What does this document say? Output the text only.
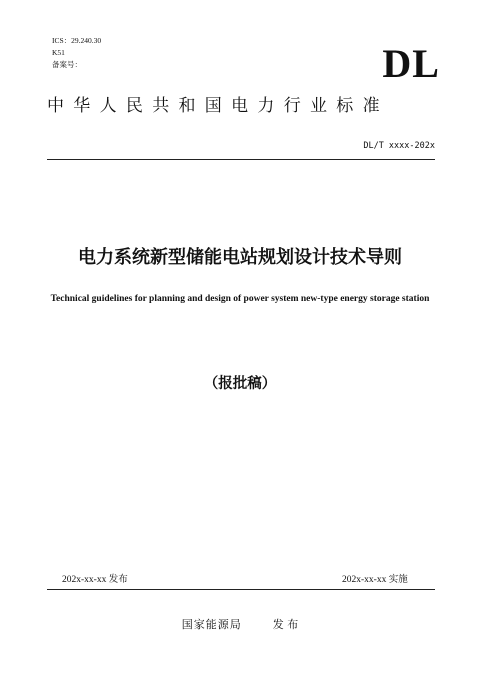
ICS：29.240.30
K51
备案号：	DL
中华人民共和国电力行业标准
DL/T xxxx-202x
电力系统新型储能电站规划设计技术导则
Technical guidelines for planning and design of power system new-type energy storage station
（报批稿）
202x-xx-xx 发布	202x-xx-xx 实施
国家能源局	发 布
